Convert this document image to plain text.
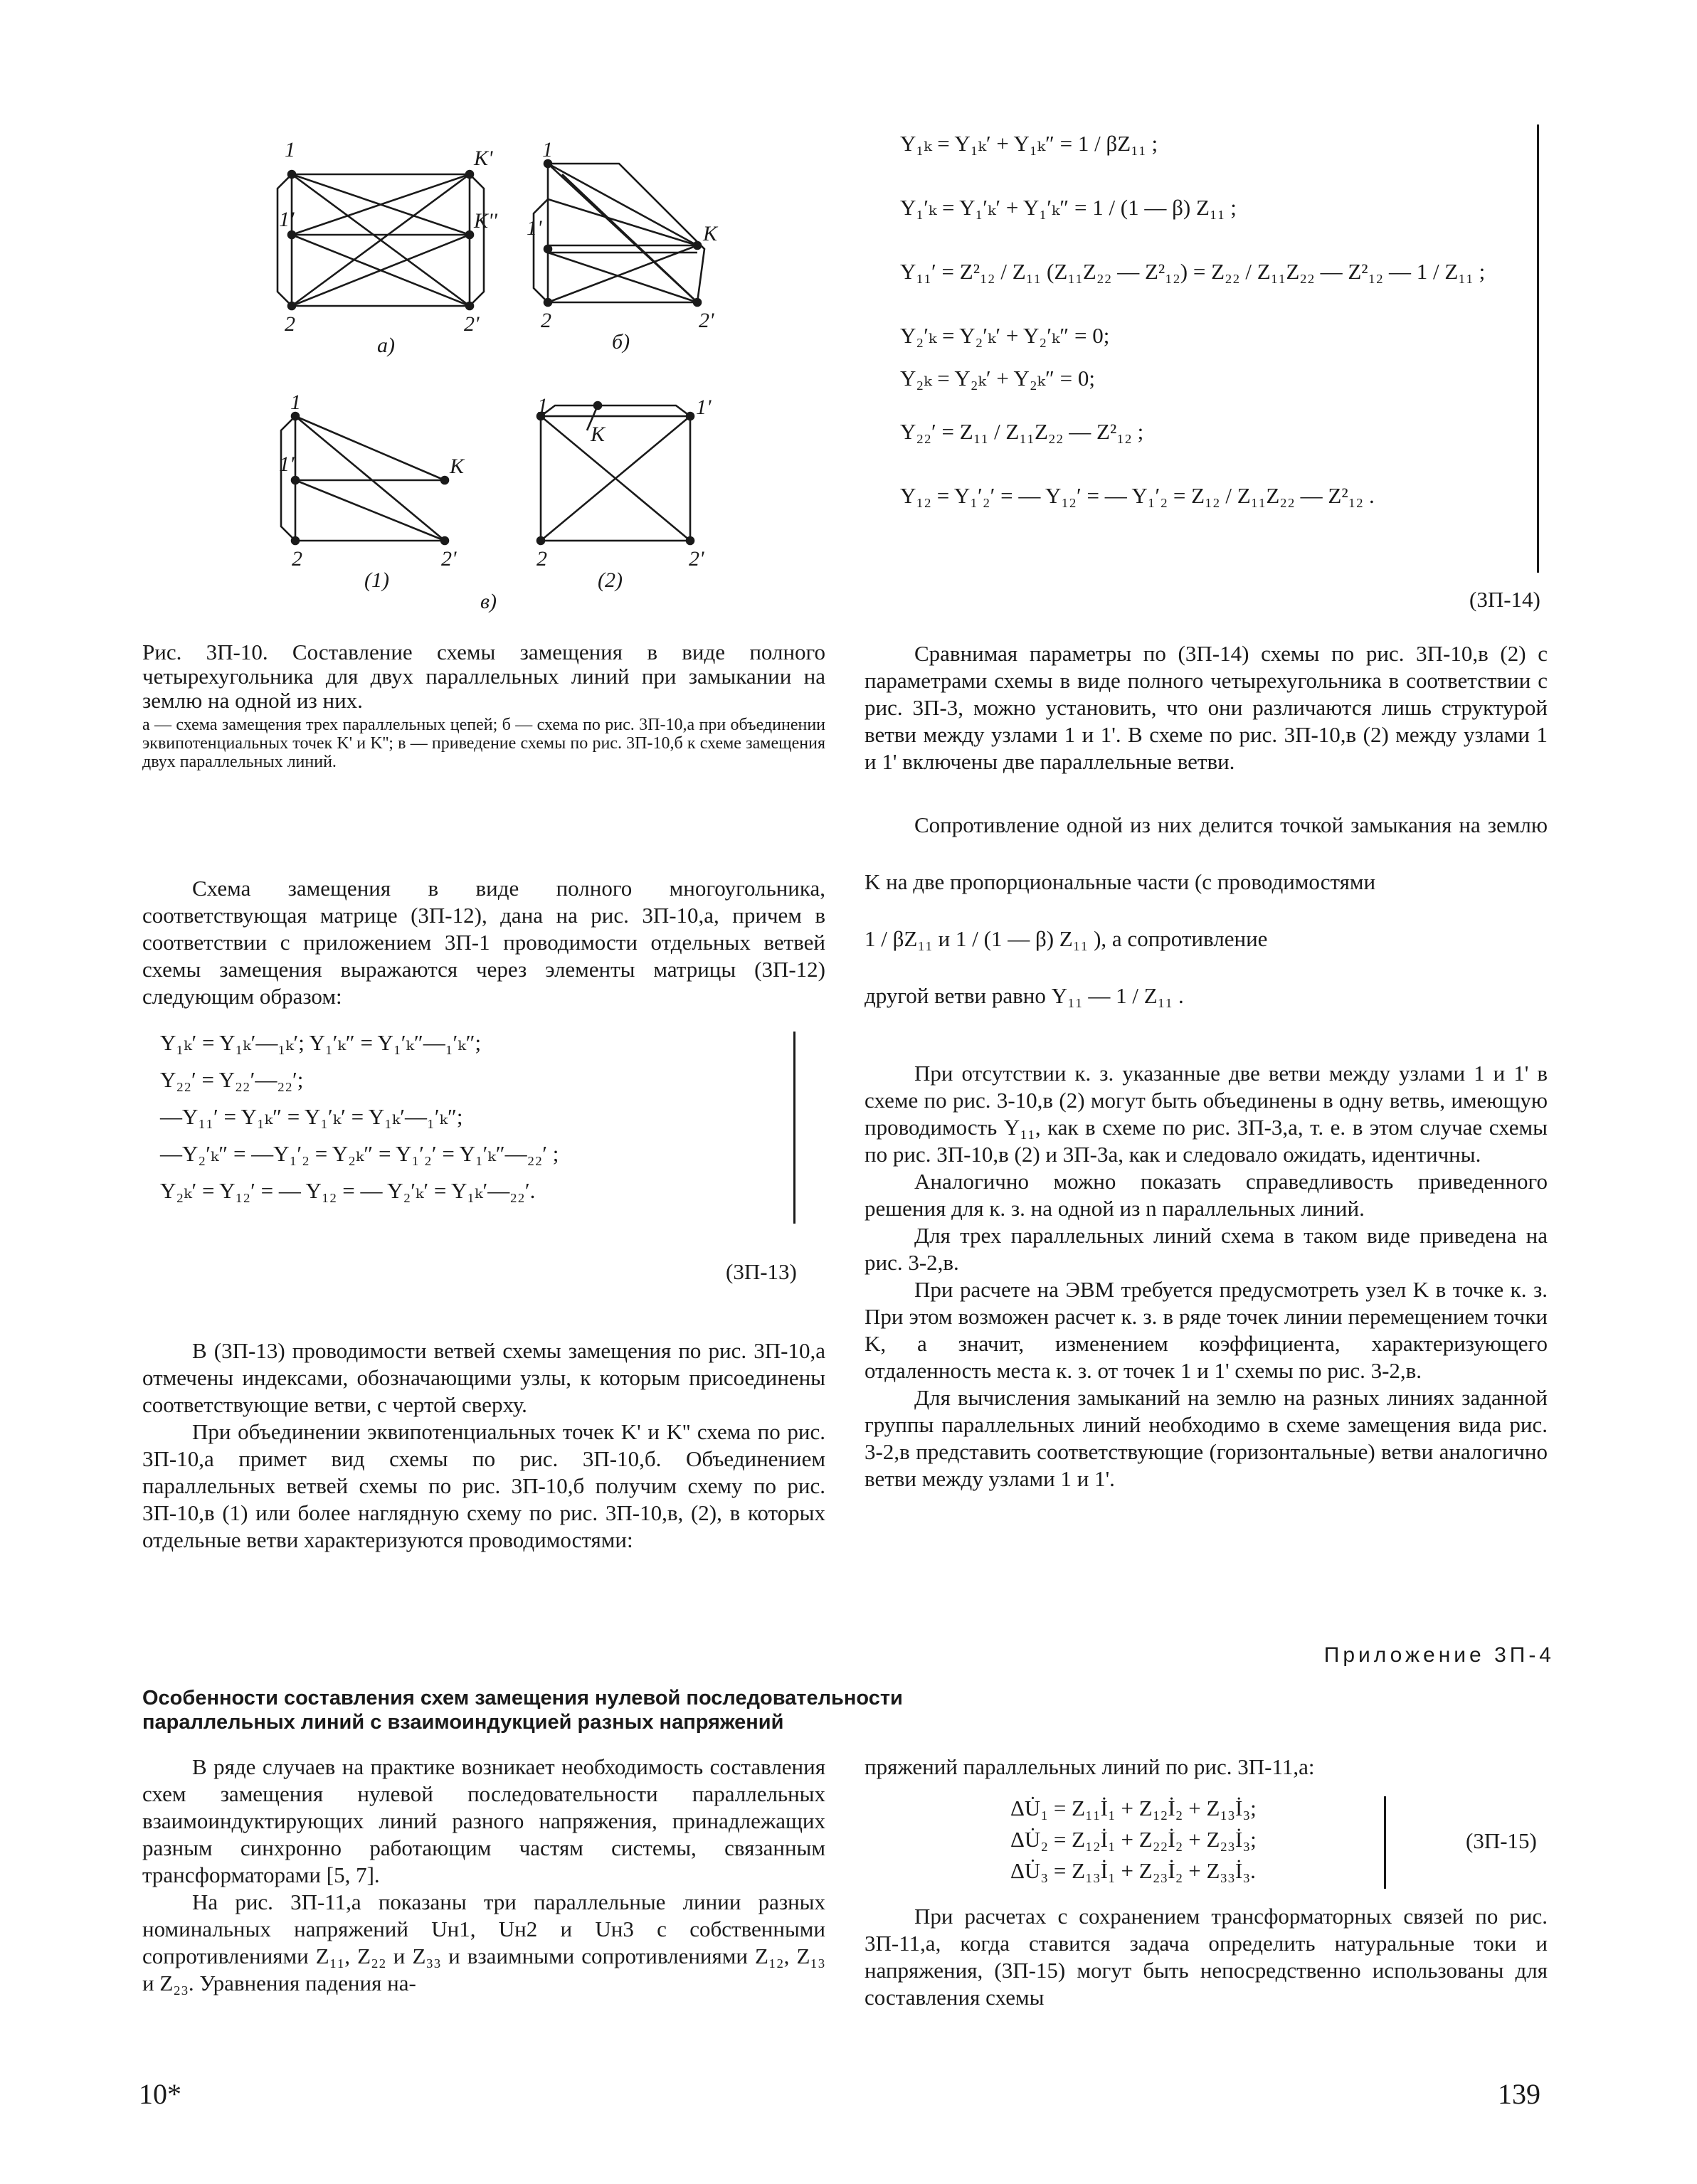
1	K'
1'	K''
2	2'
а)
1
1'	K
2	2'
б)
1
1'	K
2	2'
(1)
1
K
1'
2	2'
(2)
в)
Рис. 3П-10. Составление схемы замещения в виде полного четырехугольника для двух параллельных линий при замыкании на землю на одной из них.
а — схема замещения трех параллельных цепей; б — схема по рис. 3П-10,а при объединении эквипотенциальных точек K' и K''; в — приведение схемы по рис. 3П-10,б к схеме замещения двух параллельных линий.

Схема замещения в виде полного многоугольника, соответствующая матрице (3П-12), дана на рис. 3П-10,а, причем в соответствии с приложением 3П-1 проводимости отдельных ветвей схемы замещения выражаются через элементы матрицы (3П-12) следующим образом:

Y₁ₖ′ = Y₁ₖ′—₁ₖ′; Y₁′ₖ″ = Y₁′ₖ″—₁′ₖ″;
Y₂₂′ = Y₂₂′—₂₂′;
—Y₁₁′ = Y₁ₖ″ = Y₁′ₖ′ = Y₁ₖ′—₁′ₖ″;
—Y₂′ₖ″ = —Y₁′₂ = Y₂ₖ″ = Y₁′₂′ = Y₁′ₖ″—₂₂′ ;
Y₂ₖ′ = Y₁₂′ = — Y₁₂ = — Y₂′ₖ′ = Y₁ₖ′—₂₂′.
(3П-13)

В (3П-13) проводимости ветвей схемы замещения по рис. 3П-10,а отмечены индексами, обозначающими узлы, к которым присоединены соответствующие ветви, с чертой сверху.

При объединении эквипотенциальных точек K' и K'' схема по рис. 3П-10,а примет вид схемы по рис. 3П-10,б. Объединением параллельных ветвей схемы по рис. 3П-10,б получим схему по рис. 3П-10,в (1) или более наглядную схему по рис. 3П-10,в, (2), в которых отдельные ветви характеризуются проводимостями:

Y₁ₖ = Y₁ₖ′ + Y₁ₖ″ = 1 / βZ₁₁ ;
Y₁′ₖ = Y₁′ₖ′ + Y₁′ₖ″ = 1 / (1 — β) Z₁₁ ;
Y₁₁′ = Z²₁₂ / Z₁₁ (Z₁₁Z₂₂ — Z²₁₂) = Z₂₂ / Z₁₁Z₂₂ — Z²₁₂ — 1 / Z₁₁ ;
Y₂′ₖ = Y₂′ₖ′ + Y₂′ₖ″ = 0;
Y₂ₖ = Y₂ₖ′ + Y₂ₖ″ = 0;
Y₂₂′ = Z₁₁ / Z₁₁Z₂₂ — Z²₁₂ ;
Y₁₂ = Y₁′₂′ = — Y₁₂′ = — Y₁′₂ = Z₁₂ / Z₁₁Z₂₂ — Z²₁₂ .
(3П-14)

Сравнимая параметры по (3П-14) схемы по рис. 3П-10,в (2) с параметрами схемы в виде полного четырехугольника в соответствии с рис. 3П-3, можно установить, что они различаются лишь структурой ветви между узлами 1 и 1'. В схеме по рис. 3П-10,в (2) между узлами 1 и 1' включены две параллельные ветви.

Сопротивление одной из них делится точкой замыкания на землю K на две пропорциональные части (с проводимостями

1 / βZ₁₁ и 1 / (1 — β) Z₁₁ ), а сопротивление
другой ветви равно Y₁₁ — 1 / Z₁₁ .

При отсутствии к. з. указанные две ветви между узлами 1 и 1' в схеме по рис. 3-10,в (2) могут быть объединены в одну ветвь, имеющую проводимость Y₁₁, как в схеме по рис. 3П-3,а, т. е. в этом случае схемы по рис. 3П-10,в (2) и 3П-3а, как и следовало ожидать, идентичны.

Аналогично можно показать справедливость приведенного решения для к. з. на одной из n параллельных линий.

Для трех параллельных линий схема в таком виде приведена на рис. 3-2,в.

При расчете на ЭВМ требуется предусмотреть узел K в точке к. з. При этом возможен расчет к. з. в ряде точек линии перемещением точки K, а значит, изменением коэффициента, характеризующего отдаленность места к. з. от точек 1 и 1' схемы по рис. 3-2,в.

Для вычисления замыканий на землю на разных линиях заданной группы параллельных линий необходимо в схеме замещения вида рис. 3-2,в представить соответствующие (горизонтальные) ветви аналогично ветви между узлами 1 и 1'.

Приложение 3П-4
Особенности составления схем замещения нулевой последовательности
параллельных линий с взаимоиндукцией разных напряжений

В ряде случаев на практике возникает необходимость составления схем замещения нулевой последовательности параллельных взаимоиндуктирующих линий разного напряжения, принадлежащих разным синхронно работающим частям системы, связанным трансформаторами [5, 7].

На рис. 3П-11,а показаны три параллельные линии разных номинальных напряжений Uн1, Uн2 и Uн3 с собственными сопротивлениями Z₁₁, Z₂₂ и Z₃₃ и взаимными сопротивлениями Z₁₂, Z₁₃ и Z₂₃. Уравнения падения на-

пряжений параллельных линий по рис. 3П-11,а:
ΔU̇₁ = Z₁₁İ₁ + Z₁₂İ₂ + Z₁₃İ₃;
ΔU̇₂ = Z₁₂İ₁ + Z₂₂İ₂ + Z₂₃İ₃;
ΔU̇₃ = Z₁₃İ₁ + Z₂₃İ₂ + Z₃₃İ₃.
(3П-15)

При расчетах с сохранением трансформаторных связей по рис. 3П-11,а, когда ставится задача определить натуральные токи и напряжения, (3П-15) могут быть непосредственно использованы для составления схемы

10*	139
